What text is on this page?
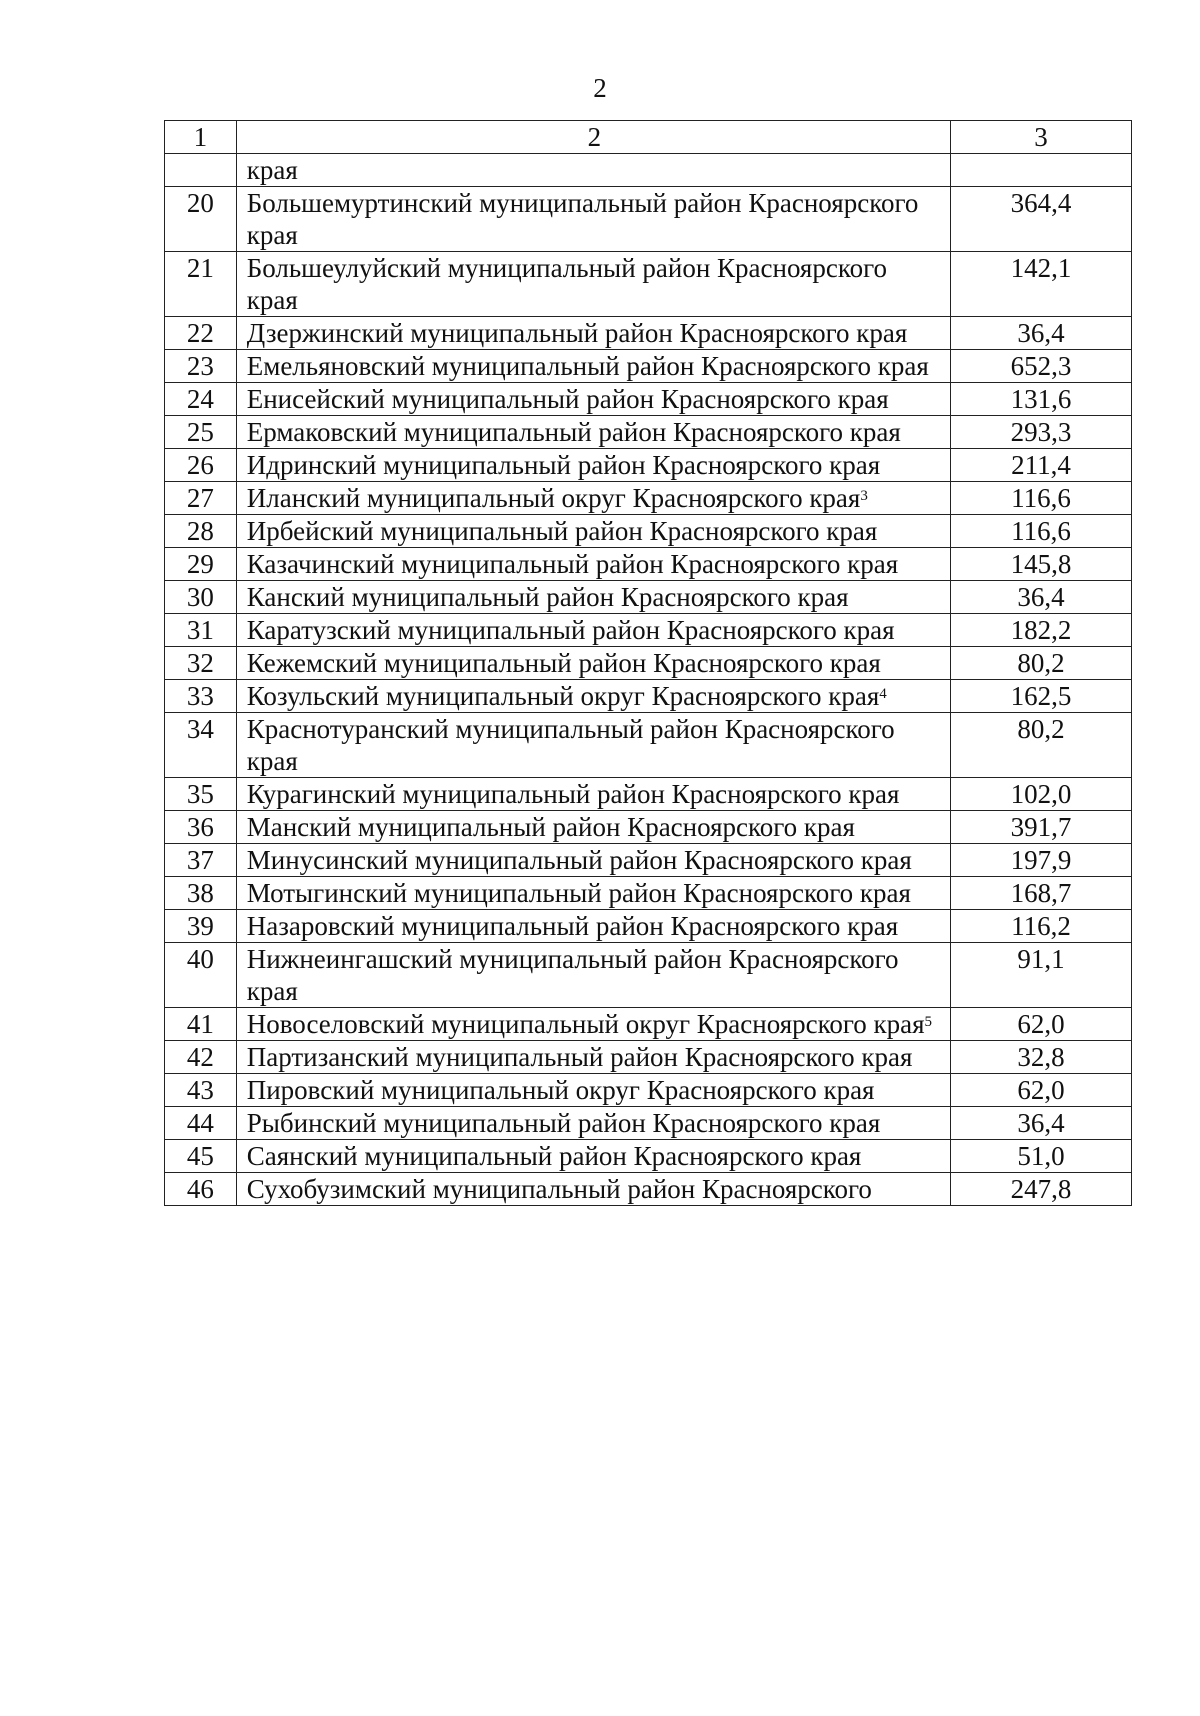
2
1	2	3
	края	
20	Большемуртинский муниципальный район Красноярского края	364,4
21	Большеулуйский муниципальный район Красноярского края	142,1
22	Дзержинский муниципальный район Красноярского края	36,4
23	Емельяновский муниципальный район Красноярского края	652,3
24	Енисейский муниципальный район Красноярского края	131,6
25	Ермаковский муниципальный район Красноярского края	293,3
26	Идринский муниципальный район Красноярского края	211,4
27	Иланский муниципальный округ Красноярского края$^3$	116,6
28	Ирбейский муниципальный район Красноярского края	116,6
29	Казачинский муниципальный район Красноярского края	145,8
30	Канский муниципальный район Красноярского края	36,4
31	Каратузский муниципальный район Красноярского края	182,2
32	Кежемский муниципальный район Красноярского края	80,2
33	Козульский муниципальный округ Красноярского края$^4$	162,5
34	Краснотуранский муниципальный район Красноярского края	80,2
35	Курагинский муниципальный район Красноярского края	102,0
36	Манский муниципальный район Красноярского края	391,7
37	Минусинский муниципальный район Красноярского края	197,9
38	Мотыгинский муниципальный район Красноярского края	168,7
39	Назаровский муниципальный район Красноярского края	116,2
40	Нижнеингашский муниципальный район Красноярского края	91,1
41	Новоселовский муниципальный округ Красноярского края$^5$	62,0
42	Партизанский муниципальный район Красноярского края	32,8
43	Пировский муниципальный округ Красноярского края	62,0
44	Рыбинский муниципальный район Красноярского края	36,4
45	Саянский муниципальный район Красноярского края	51,0
46	Сухобузимский муниципальный район Красноярского	247,8
